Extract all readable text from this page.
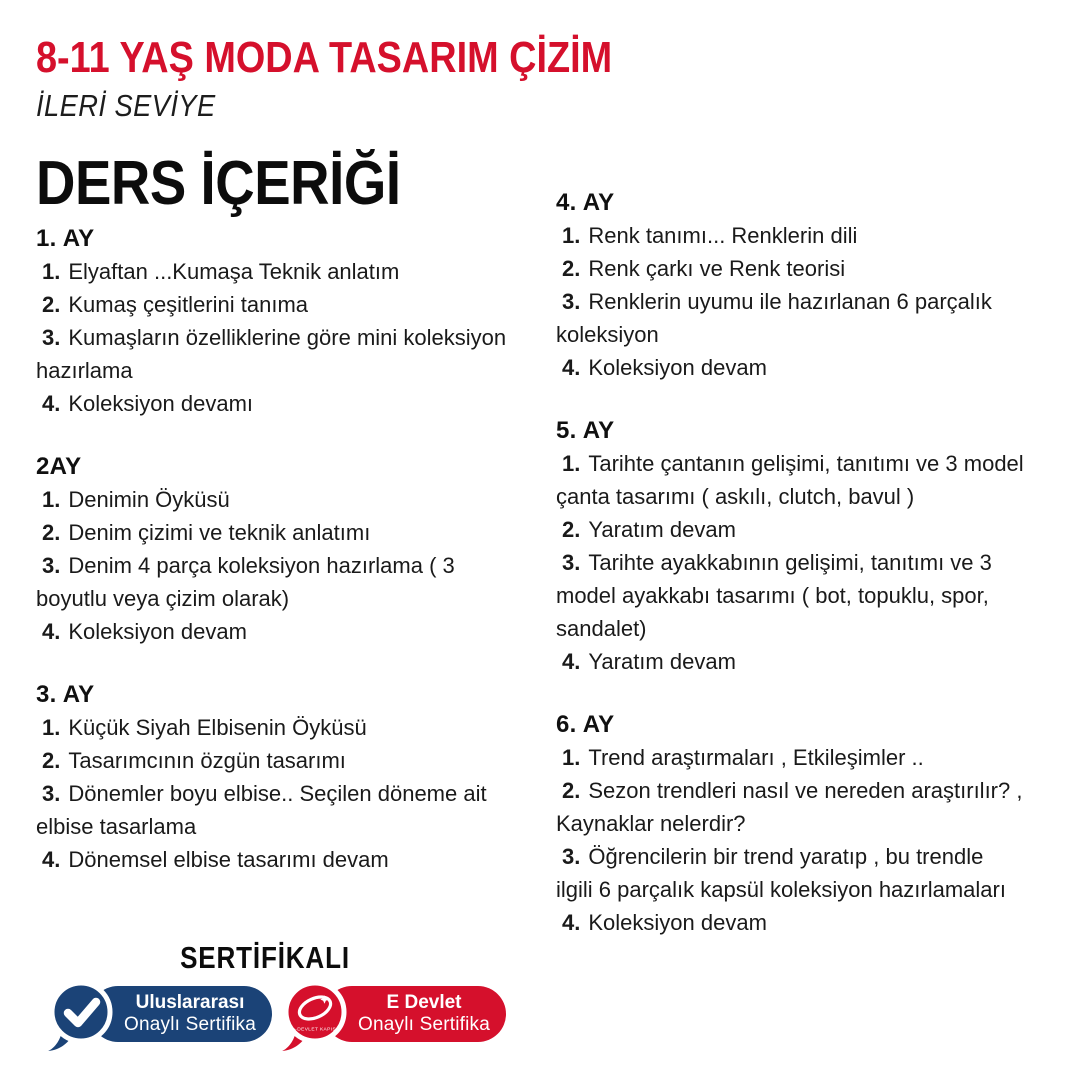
8-11 YAŞ MODA TASARIM ÇİZİM
İLERİ SEVİYE
DERS İÇERİĞİ
1. AY

1. Elyaftan ...Kumaşa Teknik anlatım

2. Kumaş çeşitlerini tanıma

3. Kumaşların özelliklerine göre mini koleksiyon hazırlama

4. Koleksiyon devamı

2AY

1. Denimin Öyküsü

2. Denim çizimi ve teknik anlatımı

3. Denim 4 parça koleksiyon hazırlama ( 3 boyutlu veya çizim olarak)

4. Koleksiyon devam

3. AY

1. Küçük Siyah Elbisenin Öyküsü

2. Tasarımcının özgün tasarımı

3. Dönemler boyu elbise.. Seçilen döneme ait elbise tasarlama

4. Dönemsel elbise tasarımı devam

4. AY

1. Renk tanımı... Renklerin dili

2. Renk çarkı ve Renk teorisi

3. Renklerin uyumu ile hazırlanan 6 parçalık koleksiyon

4. Koleksiyon devam

5. AY

1. Tarihte çantanın gelişimi, tanıtımı ve 3 model çanta tasarımı ( askılı, clutch, bavul )

2. Yaratım devam

3. Tarihte ayakkabının gelişimi, tanıtımı ve 3 model ayakkabı tasarımı ( bot, topuklu, spor, sandalet)

4. Yaratım devam

6. AY

1. Trend araştırmaları , Etkileşimler ..

2. Sezon trendleri nasıl ve nereden araştırılır? , Kaynaklar nelerdir?

3. Öğrencilerin bir trend yaratıp , bu trendle ilgili 6 parçalık kapsül koleksiyon hazırlamaları

4. Koleksiyon devam

SERTİFİKALI
Uluslararası
Onaylı Sertifika
E Devlet
Onaylı Sertifika
e-DEVLET KAPISI
